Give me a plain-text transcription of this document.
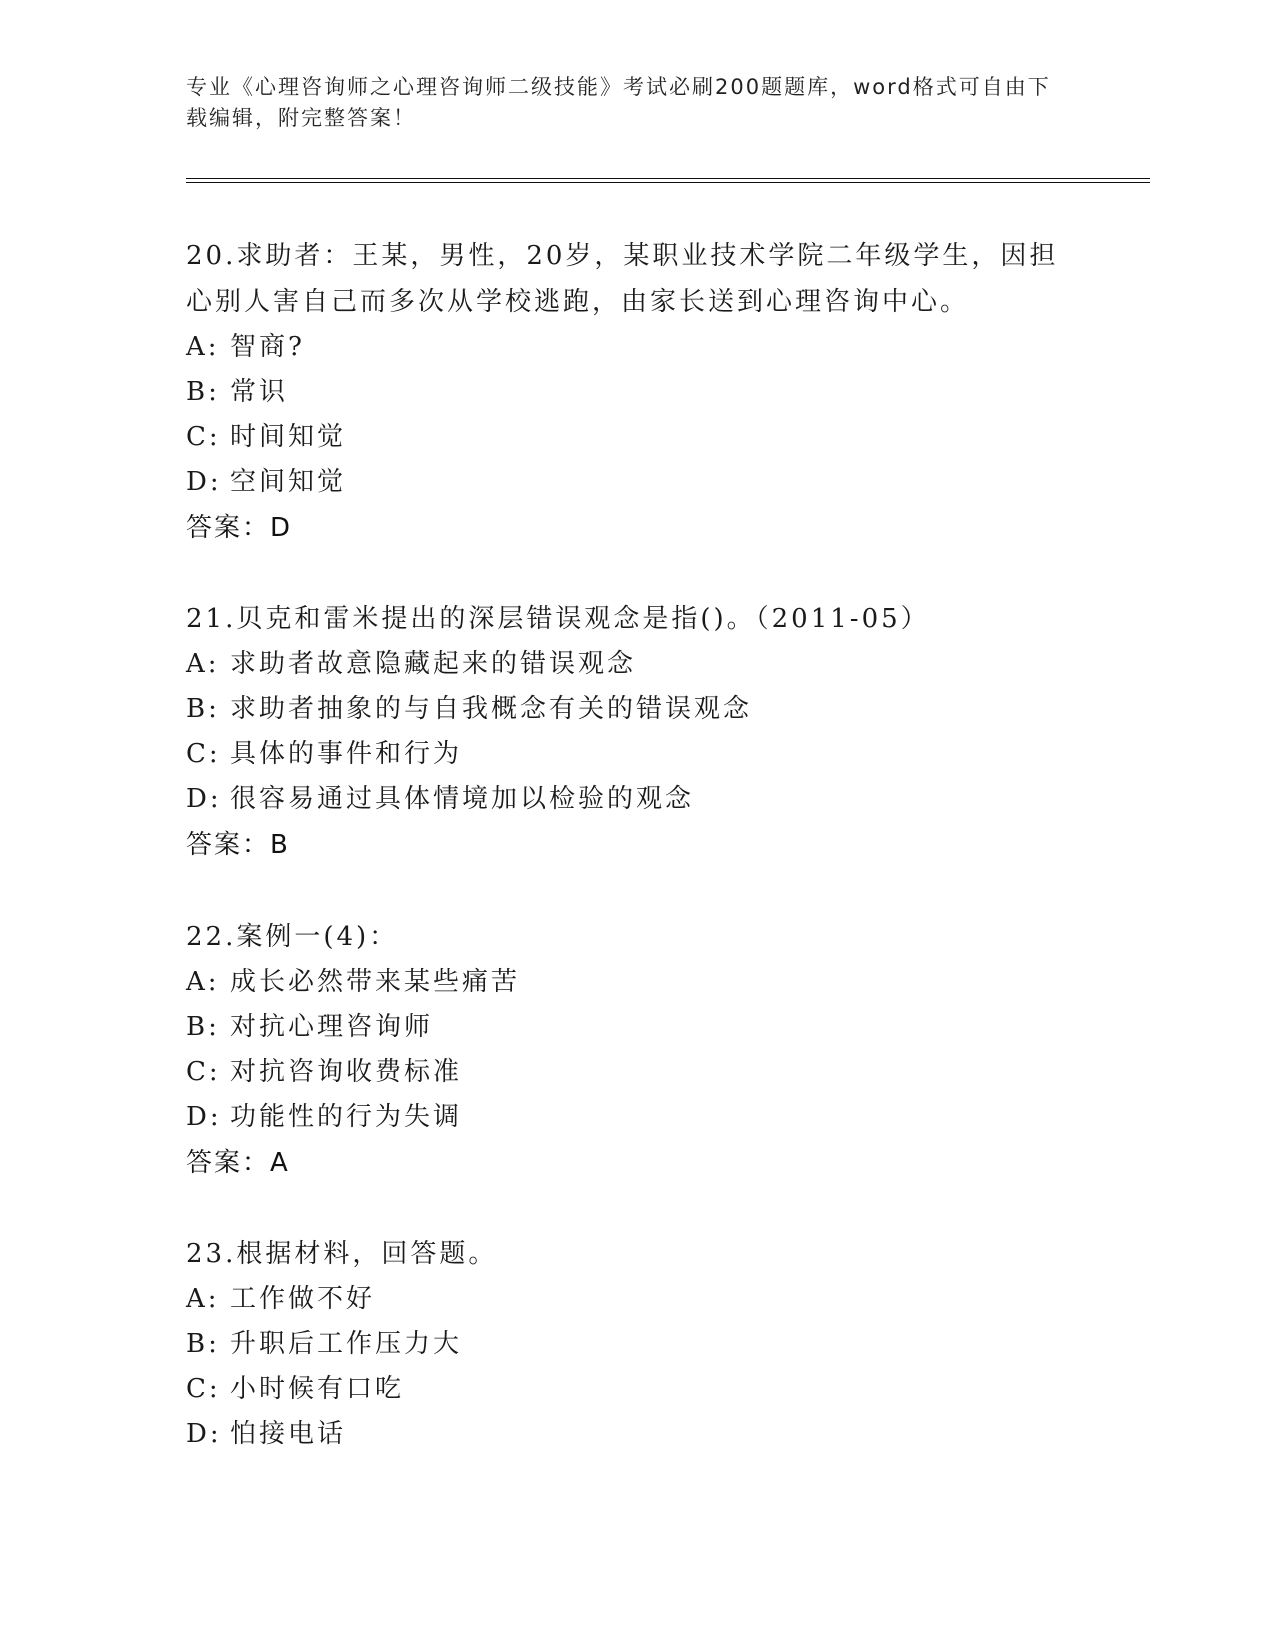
专业《心理咨询师之心理咨询师二级技能》考试必刷200题题库，word格式可自由下载编辑，附完整答案！

20.求助者：王某，男性，20岁，某职业技术学院二年级学生，因担心别人害自己而多次从学校逃跑，由家长送到心理咨询中心。

A: 智商?

B: 常识

C: 时间知觉

D: 空间知觉

答案：D

21.贝克和雷米提出的深层错误观念是指()。（2011-05）

A: 求助者故意隐藏起来的错误观念

B: 求助者抽象的与自我概念有关的错误观念

C: 具体的事件和行为

D: 很容易通过具体情境加以检验的观念

答案：B

22.案例一(4)：

A: 成长必然带来某些痛苦

B: 对抗心理咨询师

C: 对抗咨询收费标准

D: 功能性的行为失调

答案：A

23.根据材料，回答题。

A: 工作做不好

B: 升职后工作压力大

C: 小时候有口吃

D: 怕接电话
